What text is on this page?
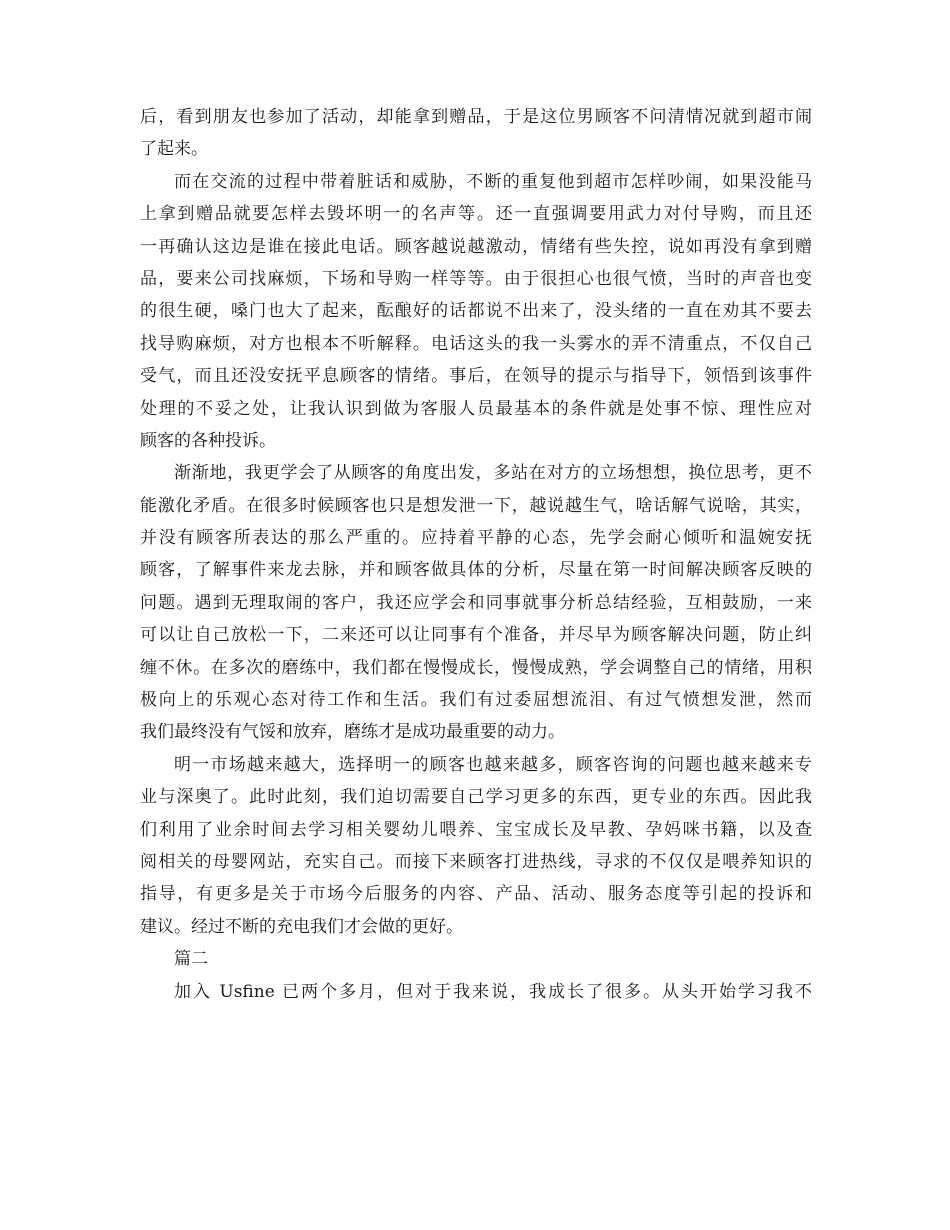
后，看到朋友也参加了活动，却能拿到赠品，于是这位男顾客不问清情况就到超市闹
了起来。
而在交流的过程中带着脏话和威胁，不断的重复他到超市怎样吵闹，如果没能马
上拿到赠品就要怎样去毁坏明一的名声等。还一直强调要用武力对付导购，而且还
一再确认这边是谁在接此电话。顾客越说越激动，情绪有些失控，说如再没有拿到赠
品，要来公司找麻烦，下场和导购一样等等。由于很担心也很气愤，当时的声音也变
的很生硬，嗓门也大了起来，酝酿好的话都说不出来了，没头绪的一直在劝其不要去
找导购麻烦，对方也根本不听解释。电话这头的我一头雾水的弄不清重点，不仅自己
受气，而且还没安抚平息顾客的情绪。事后，在领导的提示与指导下，领悟到该事件
处理的不妥之处，让我认识到做为客服人员最基本的条件就是处事不惊、理性应对
顾客的各种投诉。
渐渐地，我更学会了从顾客的角度出发，多站在对方的立场想想，换位思考，更不
能激化矛盾。在很多时候顾客也只是想发泄一下，越说越生气，啥话解气说啥，其实，
并没有顾客所表达的那么严重的。应持着平静的心态，先学会耐心倾听和温婉安抚
顾客，了解事件来龙去脉，并和顾客做具体的分析，尽量在第一时间解决顾客反映的
问题。遇到无理取闹的客户，我还应学会和同事就事分析总结经验，互相鼓励，一来
可以让自己放松一下，二来还可以让同事有个准备，并尽早为顾客解决问题，防止纠
缠不休。在多次的磨练中，我们都在慢慢成长，慢慢成熟，学会调整自己的情绪，用积
极向上的乐观心态对待工作和生活。我们有过委屈想流泪、有过气愤想发泄，然而
我们最终没有气馁和放弃，磨练才是成功最重要的动力。
明一市场越来越大，选择明一的顾客也越来越多，顾客咨询的问题也越来越来专
业与深奥了。此时此刻，我们迫切需要自己学习更多的东西，更专业的东西。因此我
们利用了业余时间去学习相关婴幼儿喂养、宝宝成长及早教、孕妈咪书籍，以及查
阅相关的母婴网站，充实自己。而接下来顾客打进热线，寻求的不仅仅是喂养知识的
指导，有更多是关于市场今后服务的内容、产品、活动、服务态度等引起的投诉和
建议。经过不断的充电我们才会做的更好。
篇二
加入 Usfine 已两个多月，但对于我来说，我成长了很多。从头开始学习我不
